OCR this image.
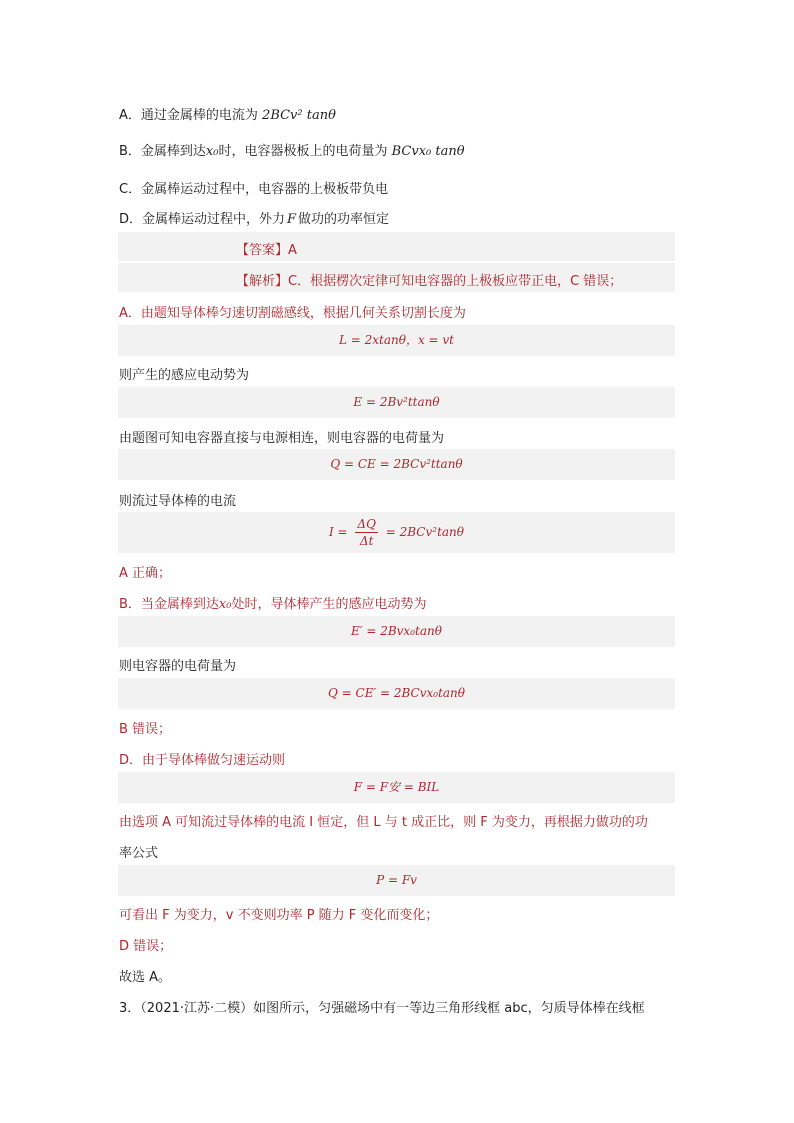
A．通过金属棒的电流为 2BCv² tanθ
B．金属棒到达x₀时，电容器极板上的电荷量为 BCvx₀ tanθ
C．金属棒运动过程中，电容器的上极板带负电
D．金属棒运动过程中，外力 F 做功的功率恒定
【答案】A
【解析】C．根据楞次定律可知电容器的上极板应带正电，C 错误；
A．由题知导体棒匀速切割磁感线，根据几何关系切割长度为
L = 2xtanθ，x = vt
则产生的感应电动势为
E = 2Bv²ttanθ
由题图可知电容器直接与电源相连，则电容器的电荷量为
Q = CE = 2BCv²ttanθ
则流过导体棒的电流
$I = \frac{\Delta Q}{\Delta t} = 2BCv^2\tan\theta$
A 正确；
B．当金属棒到达x₀处时，导体棒产生的感应电动势为
E′ = 2Bvx₀tanθ
则电容器的电荷量为
Q = CE′ = 2BCvx₀tanθ
B 错误；
D．由于导体棒做匀速运动则
F = F安 = BIL
由选项 A 可知流过导体棒的电流 I 恒定，但 L 与 t 成正比，则 F 为变力，再根据力做功的功
率公式
P = Fv
可看出 F 为变力，v 不变则功率 P 随力 F 变化而变化；
D 错误；
故选 A。
3．（2021·江苏·二模）如图所示，匀强磁场中有一等边三角形线框 abc，匀质导体棒在线框
